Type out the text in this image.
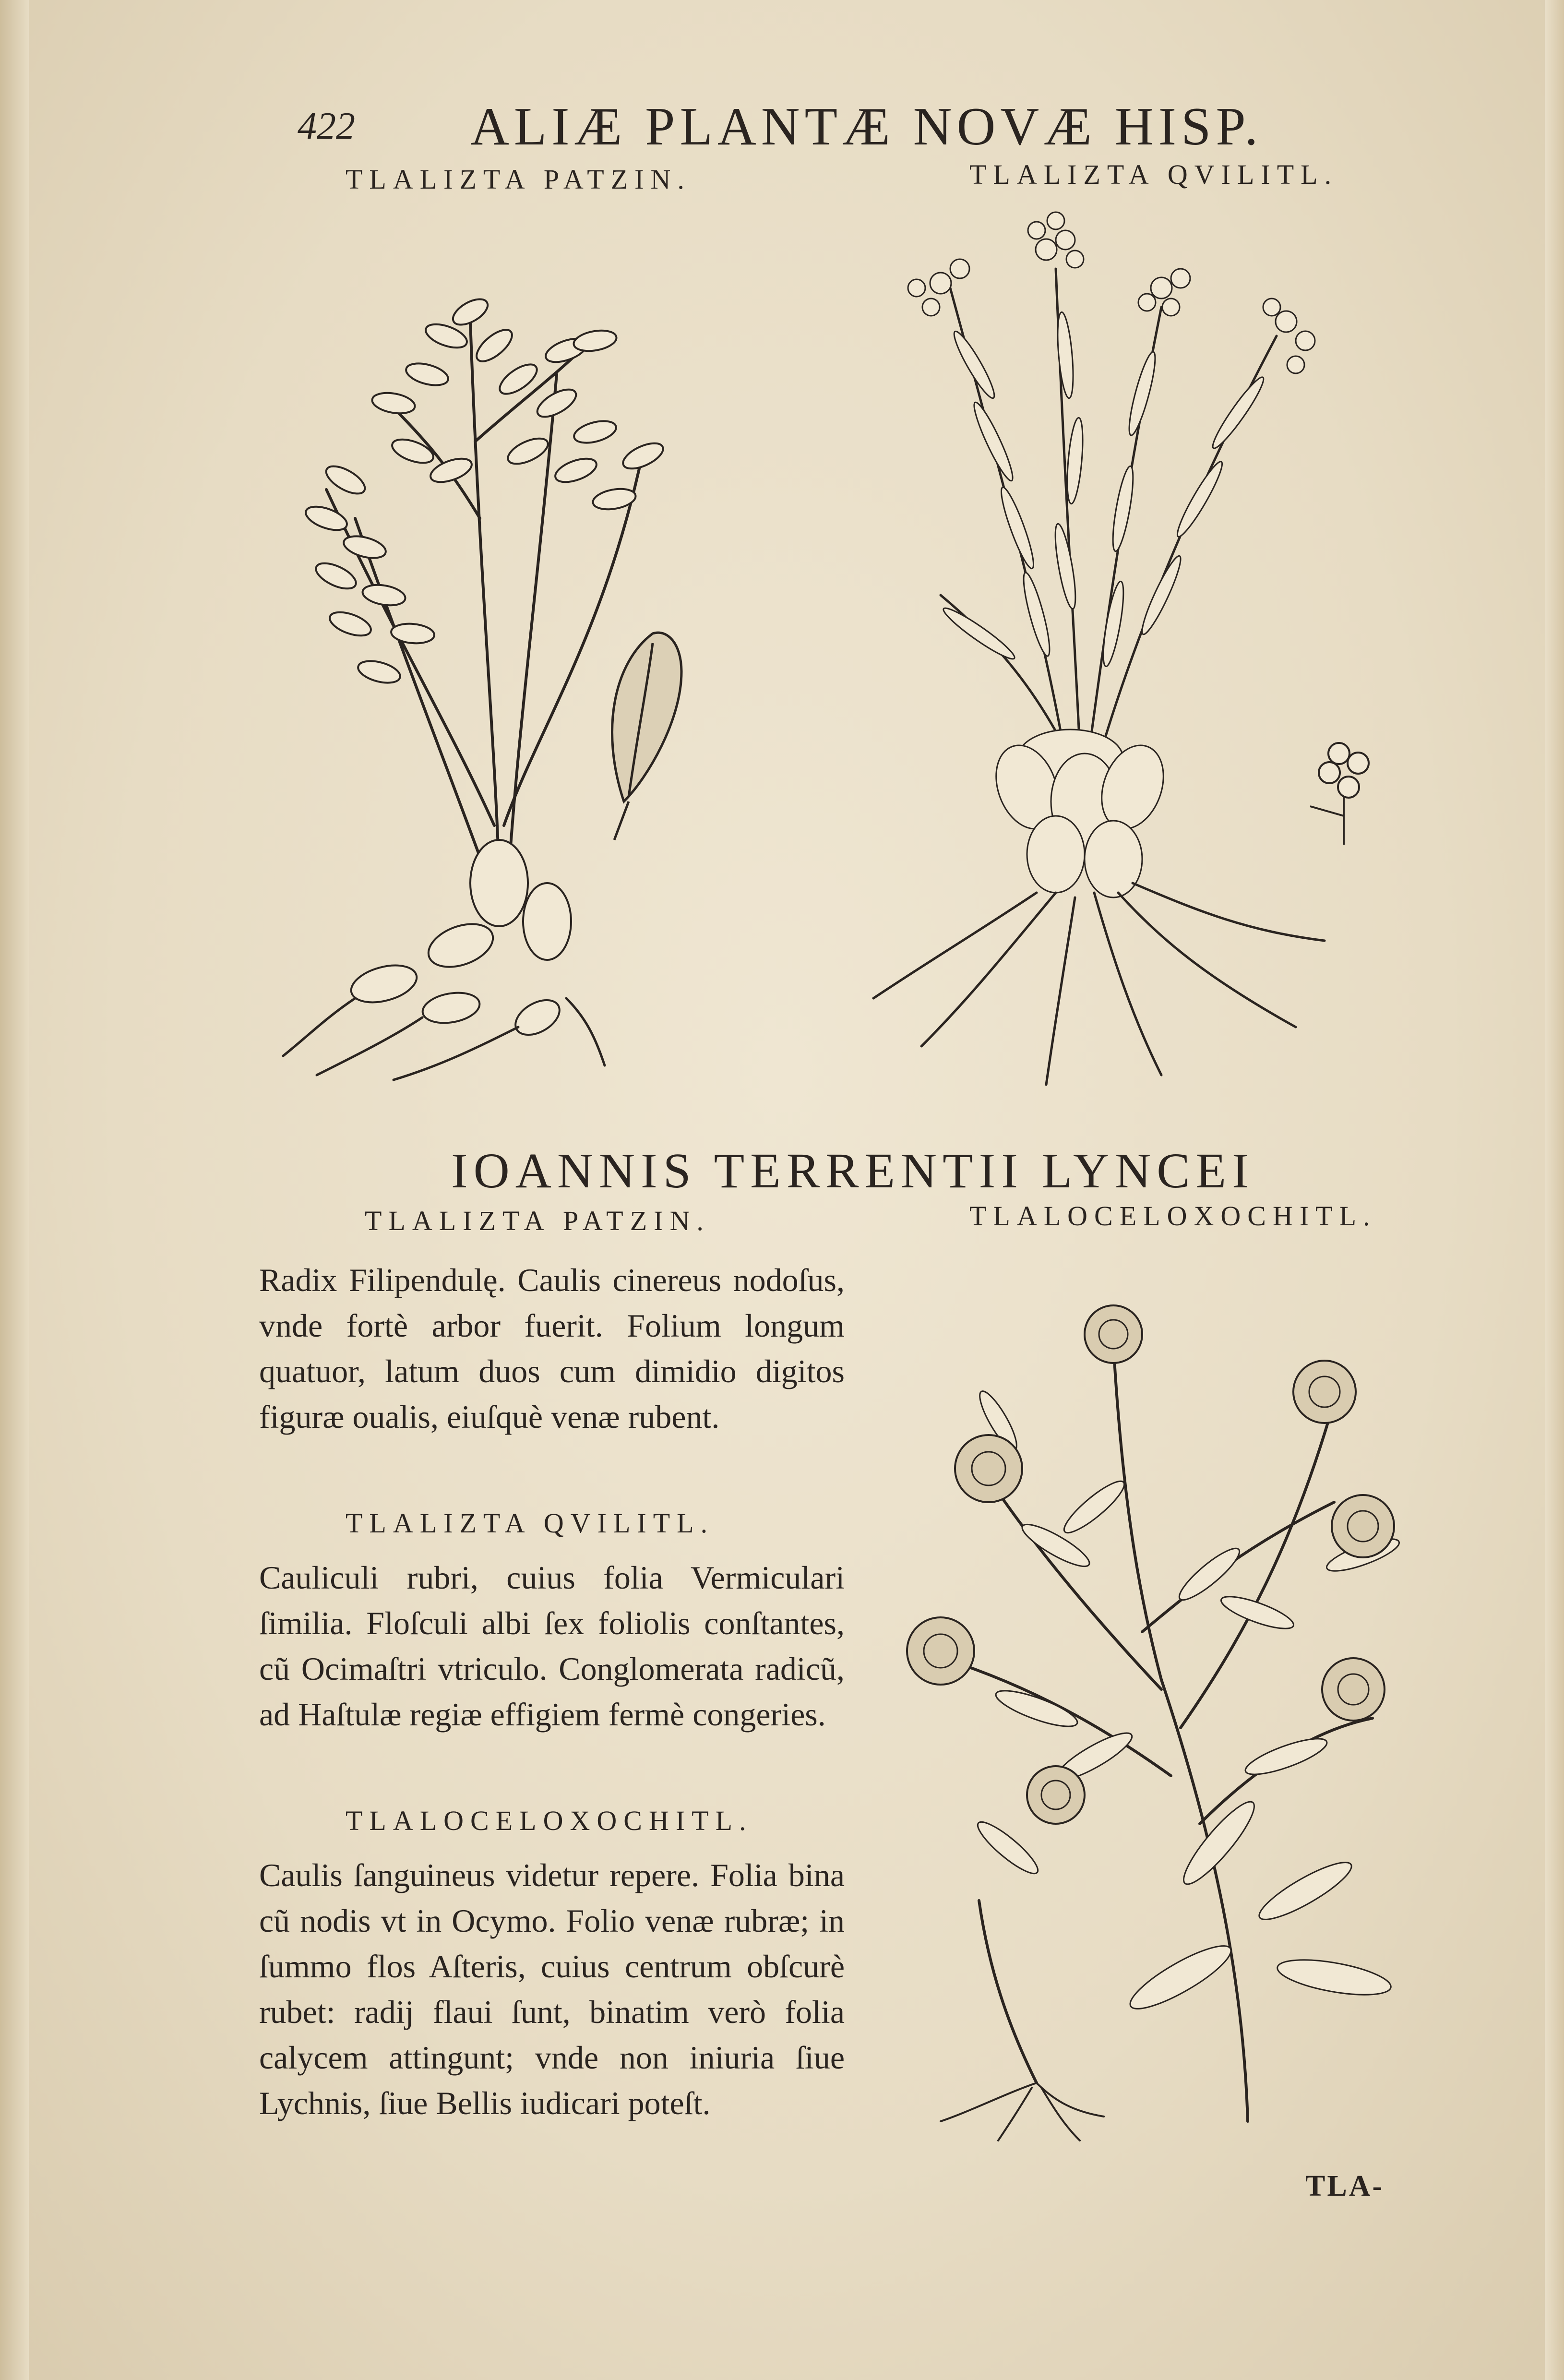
422 ALIÆ PLANTÆ NOVÆ HISP.
TLALIZTA PATZIN.	TLALIZTA QVILITL.
IOANNIS TERRENTII LYNCEI
TLALOCELOXOCHITL.
TLALIZTA PATZIN.

Radix Filipendulę. Caulis cinereus nodoſus, vnde fortè arbor fuerit. Folium longum quatuor, latum duos cum dimidio digitos figuræ oualis, eiuſquè venæ rubent.

TLALIZTA QVILITL.

Cauliculi rubri, cuius folia Vermiculari ſimilia. Floſculi albi ſex foliolis conſtantes, cũ Ocimaſtri vtriculo. Conglomerata radicũ, ad Haſtulæ regiæ effigiem fermè congeries.

TLALOCELOXOCHITL.

Caulis ſanguineus videtur repere. Folia bina cũ nodis vt in Ocymo. Folio venæ rubræ; in ſummo flos Aſteris, cuius centrum obſcurè rubet: radij flaui ſunt, binatim verò folia calycem attingunt; vnde non iniuria ſiue Lychnis, ſiue Bellis iudicari poteſt.

TLA-
